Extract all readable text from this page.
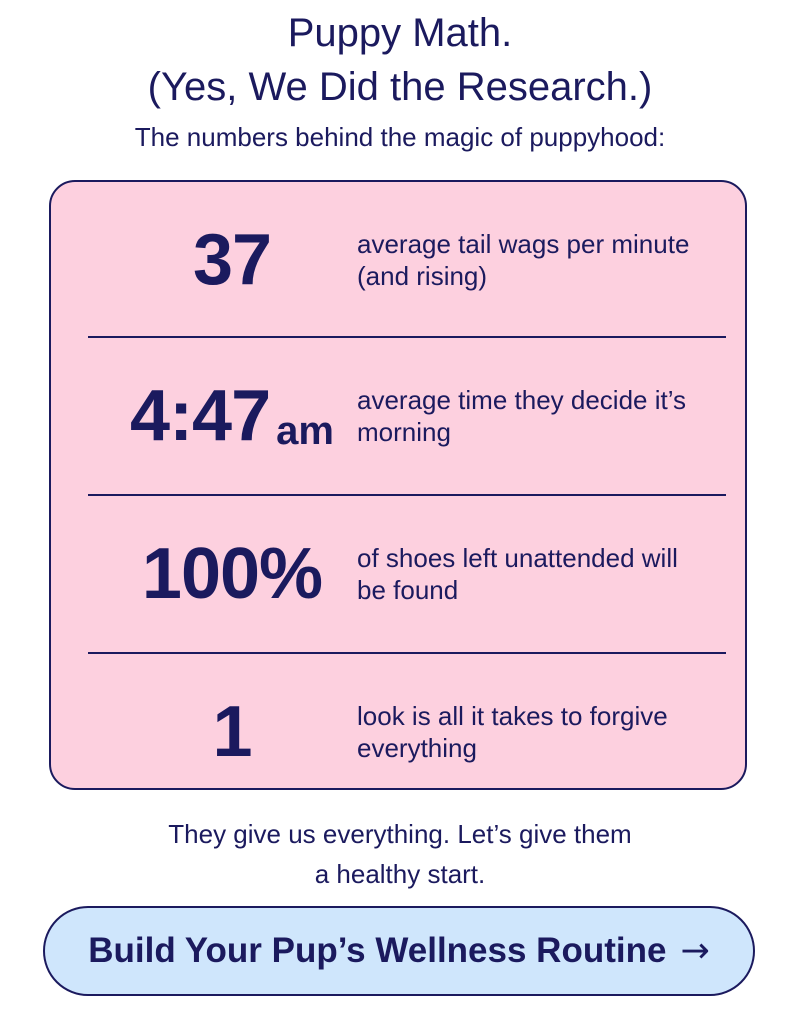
Puppy Math.
(Yes, We Did the Research.)
The numbers behind the magic of puppyhood:
37	average tail wags per minute (and rising)
4:47 am
average time they decide it’s morning
100% of shoes left unattended will be found
1	look is all it takes to forgive everything
They give us everything. Let’s give them
a healthy start.
Build Your Pup’s Wellness Routine →
